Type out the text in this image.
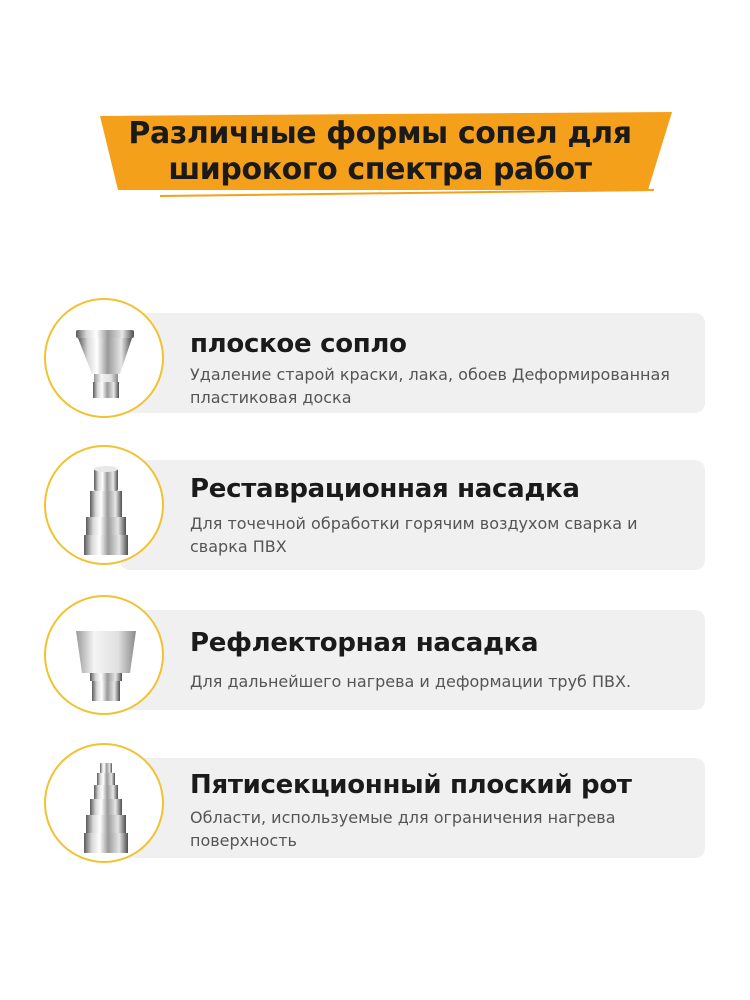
Различные формы сопел для
широкого спектра работ
плоское сопло
Удаление старой краски, лака, обоев Деформированная пластиковая доска
Реставрационная насадка
Для точечной обработки горячим воздухом сварка и сварка ПВХ
Рефлекторная насадка
Для дальнейшего нагрева и деформации труб ПВХ.
Пятисекционный плоский рот
Области, используемые для ограничения нагрева поверхность
